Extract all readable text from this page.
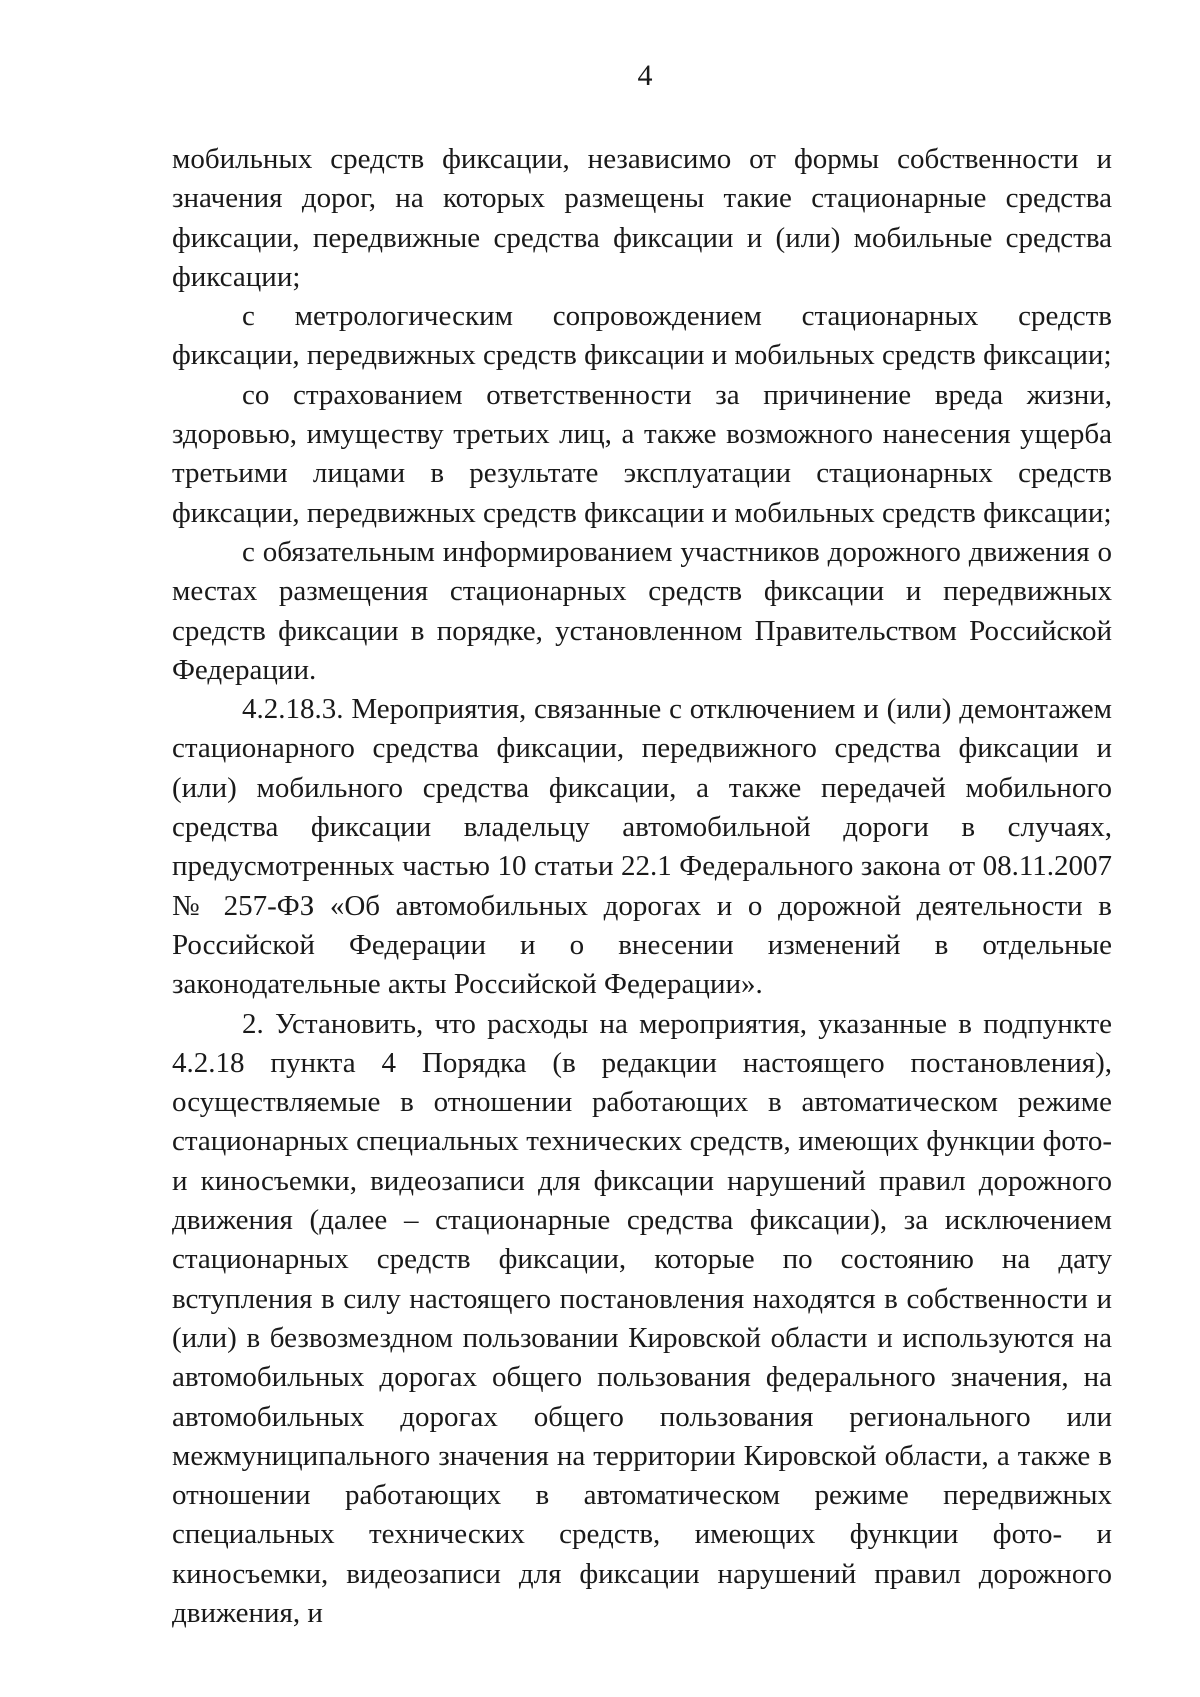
4

мобильных средств фиксации, независимо от формы собственности и значения дорог, на которых размещены такие стационарные средства фиксации, передвижные средства фиксации и (или) мобильные средства фиксации;

с метрологическим сопровождением стационарных средств фиксации, передвижных средств фиксации и мобильных средств фиксации;

со страхованием ответственности за причинение вреда жизни, здоровью, имуществу третьих лиц, а также возможного нанесения ущерба третьими лицами в результате эксплуатации стационарных средств фиксации, передвижных средств фиксации и мобильных средств фиксации;

с обязательным информированием участников дорожного движения о местах размещения стационарных средств фиксации и передвижных средств фиксации в порядке, установленном Правительством Российской Федерации.

4.2.18.3. Мероприятия, связанные с отключением и (или) демонтажем стационарного средства фиксации, передвижного средства фиксации и (или) мобильного средства фиксации, а также передачей мобильного средства фиксации владельцу автомобильной дороги в случаях, предусмотренных частью 10 статьи 22.1 Федерального закона от 08.11.2007 № 257-ФЗ «Об автомобильных дорогах и о дорожной деятельности в Российской Федерации и о внесении изменений в отдельные законодательные акты Российской Федерации».

2. Установить, что расходы на мероприятия, указанные в подпункте 4.2.18 пункта 4 Порядка (в редакции настоящего постановления), осуществляемые в отношении работающих в автоматическом режиме стационарных специальных технических средств, имеющих функции фото- и киносъемки, видеозаписи для фиксации нарушений правил дорожного движения (далее – стационарные средства фиксации), за исключением стационарных средств фиксации, которые по состоянию на дату вступления в силу настоящего постановления находятся в собственности и (или) в безвозмездном пользовании Кировской области и используются на автомобильных дорогах общего пользования федерального значения, на автомобильных дорогах общего пользования регионального или межмуниципального значения на территории Кировской области, а также в отношении работающих в автоматическом режиме передвижных специальных технических средств, имеющих функции фото- и киносъемки, видеозаписи для фиксации нарушений правил дорожного движения, и
